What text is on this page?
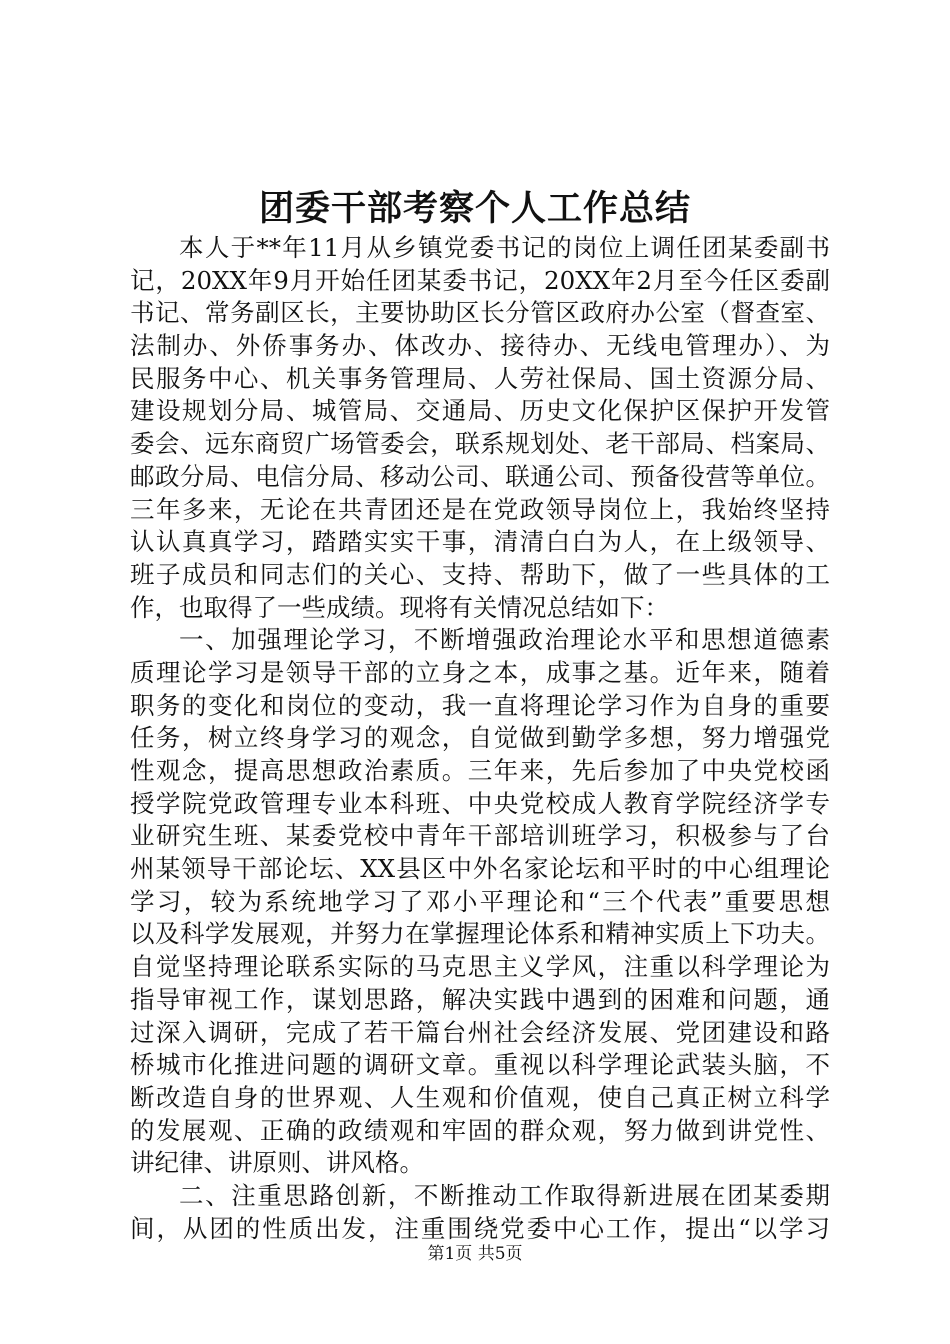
团委干部考察个人工作总结
本人于**年11月从乡镇党委书记的岗位上调任团某委副书
记，20XX年9月开始任团某委书记，20XX年2月至今任区委副
书记、常务副区长，主要协助区长分管区政府办公室（督查室、
法制办、外侨事务办、体改办、接待办、无线电管理办）、为
民服务中心、机关事务管理局、人劳社保局、国土资源分局、
建设规划分局、城管局、交通局、历史文化保护区保护开发管
委会、远东商贸广场管委会，联系规划处、老干部局、档案局、
邮政分局、电信分局、移动公司、联通公司、预备役营等单位。
三年多来，无论在共青团还是在党政领导岗位上，我始终坚持
认认真真学习，踏踏实实干事，清清白白为人，在上级领导、
班子成员和同志们的关心、支持、帮助下，做了一些具体的工
作，也取得了一些成绩。现将有关情况总结如下：
一、加强理论学习，不断增强政治理论水平和思想道德素
质理论学习是领导干部的立身之本，成事之基。近年来，随着
职务的变化和岗位的变动，我一直将理论学习作为自身的重要
任务，树立终身学习的观念，自觉做到勤学多想，努力增强党
性观念，提高思想政治素质。三年来，先后参加了中央党校函
授学院党政管理专业本科班、中央党校成人教育学院经济学专
业研究生班、某委党校中青年干部培训班学习，积极参与了台
州某领导干部论坛、XX县区中外名家论坛和平时的中心组理论
学习，较为系统地学习了邓小平理论和“三个代表”重要思想
以及科学发展观，并努力在掌握理论体系和精神实质上下功夫。
自觉坚持理论联系实际的马克思主义学风，注重以科学理论为
指导审视工作，谋划思路，解决实践中遇到的困难和问题，通
过深入调研，完成了若干篇台州社会经济发展、党团建设和路
桥城市化推进问题的调研文章。重视以科学理论武装头脑，不
断改造自身的世界观、人生观和价值观，使自己真正树立科学
的发展观、正确的政绩观和牢固的群众观，努力做到讲党性、
讲纪律、讲原则、讲风格。
二、注重思路创新，不断推动工作取得新进展在团某委期
间，从团的性质出发，注重围绕党委中心工作，提出“以学习
第1页 共5页
